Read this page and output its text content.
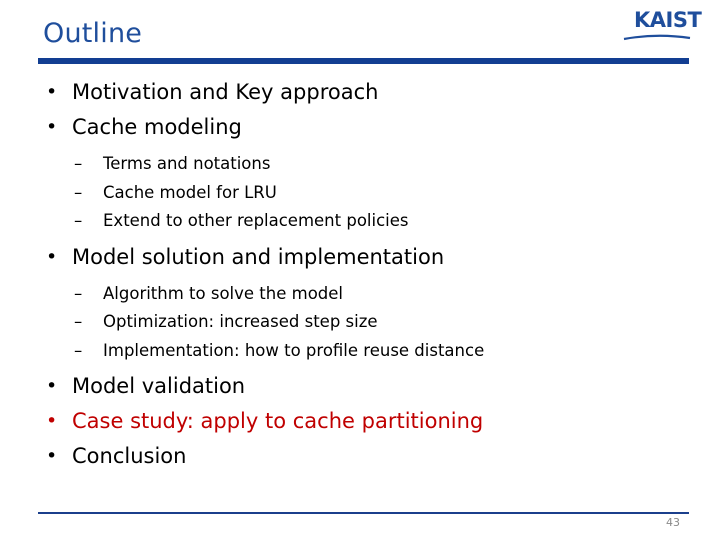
Outline	KAIST
• Motivation and Key approach
• Cache modeling
– Terms and notations
– Cache model for LRU
– Extend to other replacement policies
• Model solution and implementation
– Algorithm to solve the model
– Optimization: increased step size
– Implementation: how to profile reuse distance
• Model validation
• Case study: apply to cache partitioning
• Conclusion
43
